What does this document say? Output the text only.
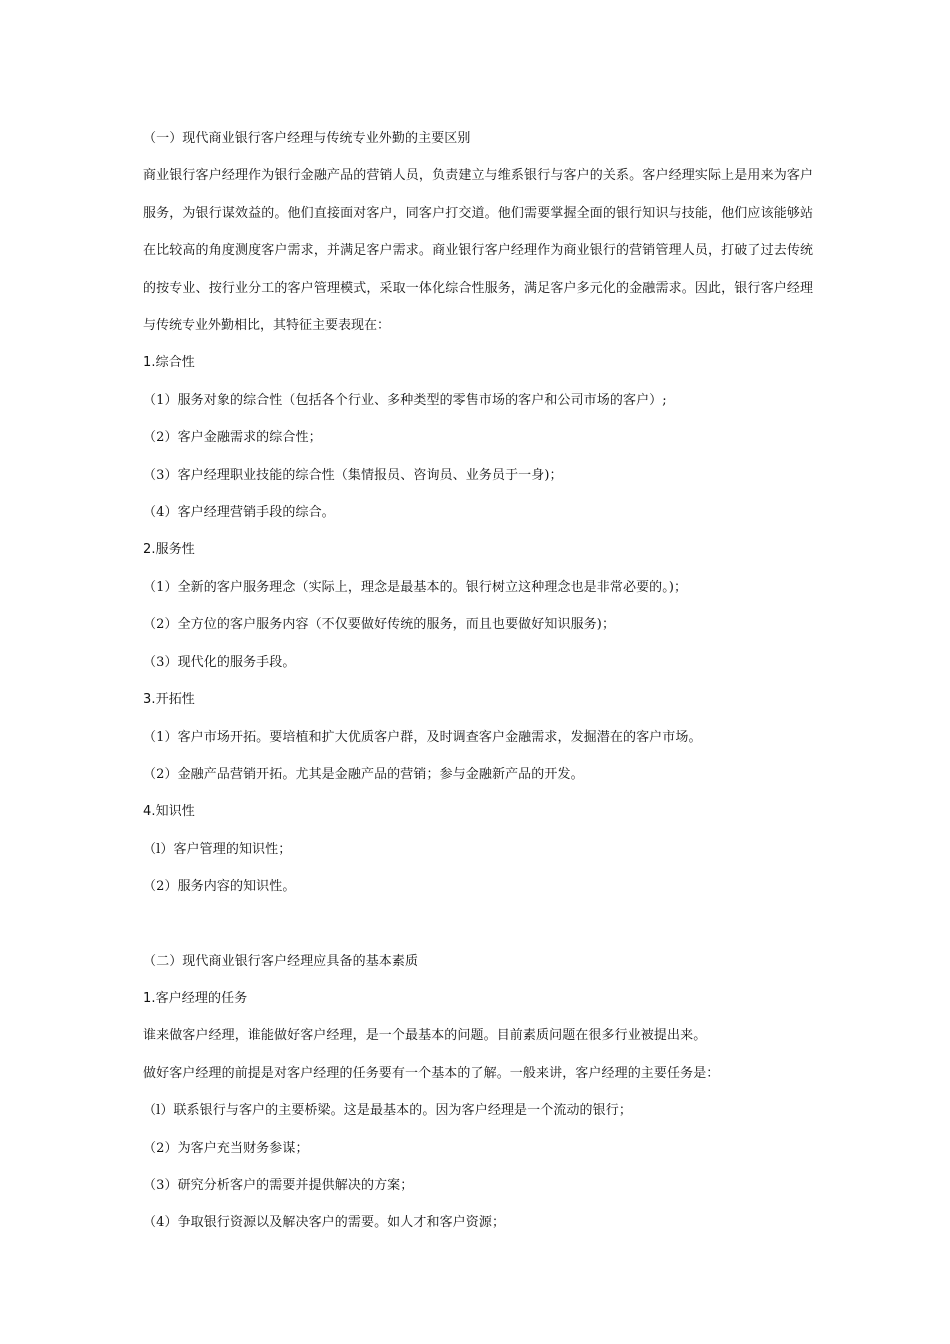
（一）现代商业银行客户经理与传统专业外勤的主要区别
商业银行客户经理作为银行金融产品的营销人员，负责建立与维系银行与客户的关系。客户经理实际上是用来为客户服务，为银行谋效益的。他们直接面对客户，同客户打交道。他们需要掌握全面的银行知识与技能，他们应该能够站在比较高的角度测度客户需求，并满足客户需求。商业银行客户经理作为商业银行的营销管理人员，打破了过去传统的按专业、按行业分工的客户管理模式，采取一体化综合性服务，满足客户多元化的金融需求。因此，银行客户经理与传统专业外勤相比，其特征主要表现在：
1.综合性
（1）服务对象的综合性（包括各个行业、多种类型的零售市场的客户和公司市场的客户）;
（2）客户金融需求的综合性；
（3）客户经理职业技能的综合性（集情报员、咨询员、业务员于一身)；
（4）客户经理营销手段的综合。
2.服务性
（1）全新的客户服务理念（实际上，理念是最基本的。银行树立这种理念也是非常必要的。)；
（2）全方位的客户服务内容（不仅要做好传统的服务，而且也要做好知识服务)；
（3）现代化的服务手段。
3.开拓性
（1）客户市场开拓。要培植和扩大优质客户群，及时调查客户金融需求，发掘潜在的客户市场。
（2）金融产品营销开拓。尤其是金融产品的营销；参与金融新产品的开发。
4.知识性
（l）客户管理的知识性；
（2）服务内容的知识性。
（二）现代商业银行客户经理应具备的基本素质
1.客户经理的任务
谁来做客户经理，谁能做好客户经理，是一个最基本的问题。目前素质问题在很多行业被提出来。
做好客户经理的前提是对客户经理的任务要有一个基本的了解。一般来讲，客户经理的主要任务是：
（l）联系银行与客户的主要桥梁。这是最基本的。因为客户经理是一个流动的银行；
（2）为客户充当财务参谋；
（3）研究分析客户的需要并提供解决的方案；
（4）争取银行资源以及解决客户的需要。如人才和客户资源；
